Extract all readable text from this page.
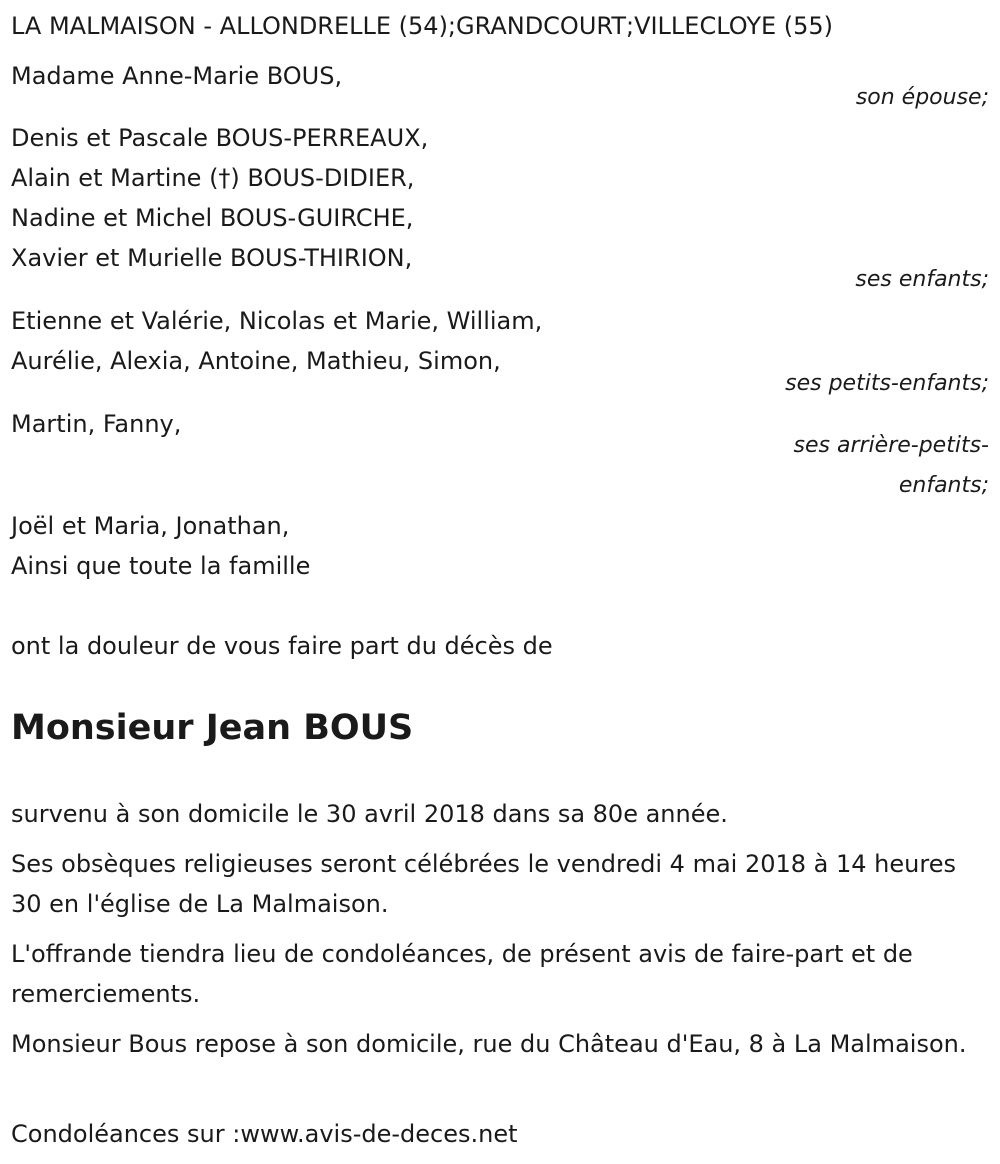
LA MALMAISON - ALLONDRELLE (54);GRANDCOURT;VILLECLOYE (55)
Madame Anne-Marie BOUS,
son épouse;
Denis et Pascale BOUS-PERREAUX,
Alain et Martine (†) BOUS-DIDIER,
Nadine et Michel BOUS-GUIRCHE,
Xavier et Murielle BOUS-THIRION,
ses enfants;
Etienne et Valérie, Nicolas et Marie, William,
Aurélie, Alexia, Antoine, Mathieu, Simon,
ses petits-enfants;
Martin, Fanny,
ses arrière-petits-
enfants;
Joël et Maria, Jonathan,
Ainsi que toute la famille
ont la douleur de vous faire part du décès de
Monsieur Jean BOUS
survenu à son domicile le 30 avril 2018 dans sa 80e année.
Ses obsèques religieuses seront célébrées le vendredi 4 mai 2018 à 14 heures 30 en l'église de La Malmaison.
L'offrande tiendra lieu de condoléances, de présent avis de faire-part et de remerciements.
Monsieur Bous repose à son domicile, rue du Château d'Eau, 8 à La Malmaison.
Condoléances sur :www.avis-de-deces.net
